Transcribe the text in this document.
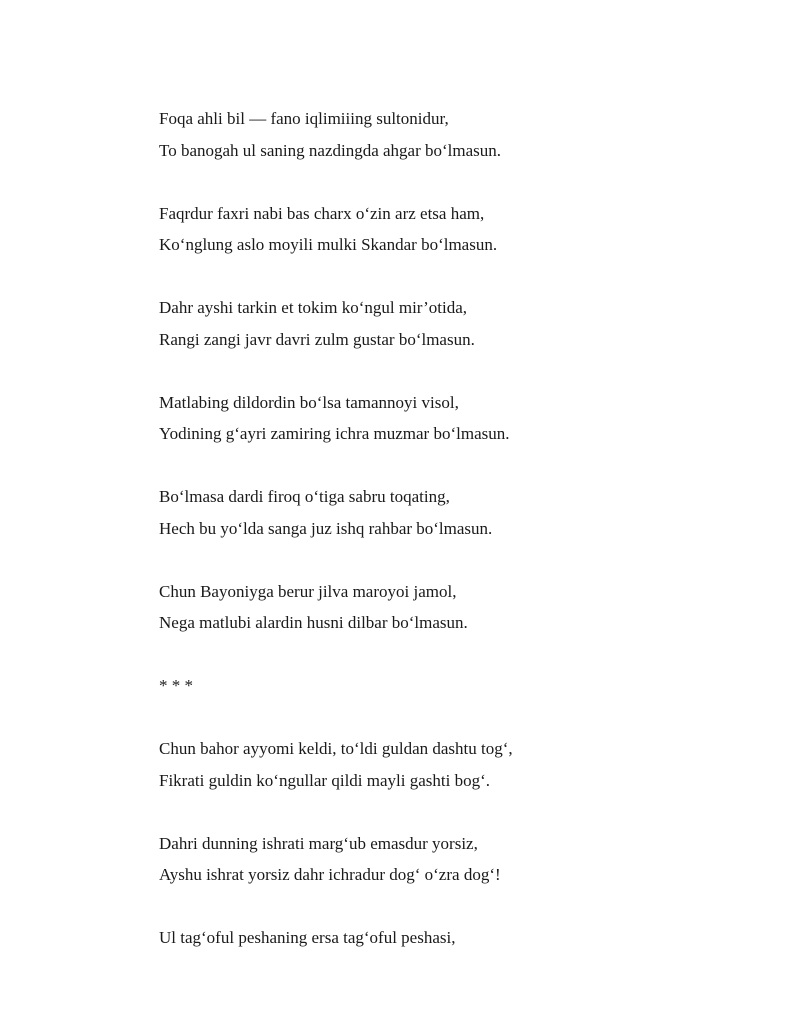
Foqa ahli bil — fano iqlimiiing sultonidur,
To banogah ul saning nazdingda ahgar bo‘lmasun.
Faqrdur faxri nabi bas charx o‘zin arz etsa ham,
Ko‘nglung aslo moyili mulki Skandar bo‘lmasun.
Dahr ayshi tarkin et tokim ko‘ngul mir’otida,
Rangi zangi javr davri zulm gustar bo‘lmasun.
Matlabing dildordin bo‘lsa tamannoyi visol,
Yodining g‘ayri zamiring ichra muzmar bo‘lmasun.
Bo‘lmasa dardi firoq o‘tiga sabru toqating,
Hech bu yo‘lda sanga juz ishq rahbar bo‘lmasun.
Chun Bayoniyga berur jilva maroyoi jamol,
Nega matlubi alardin husni dilbar bo‘lmasun.
* * *
Chun bahor ayyomi keldi, to‘ldi guldan dashtu tog‘,
Fikrati guldin ko‘ngullar qildi mayli gashti bog‘.
Dahri dunning ishrati marg‘ub emasdur yorsiz,
Ayshu ishrat yorsiz dahr ichradur dog‘ o‘zra dog‘!
Ul tag‘oful peshaning ersa tag‘oful peshasi,
